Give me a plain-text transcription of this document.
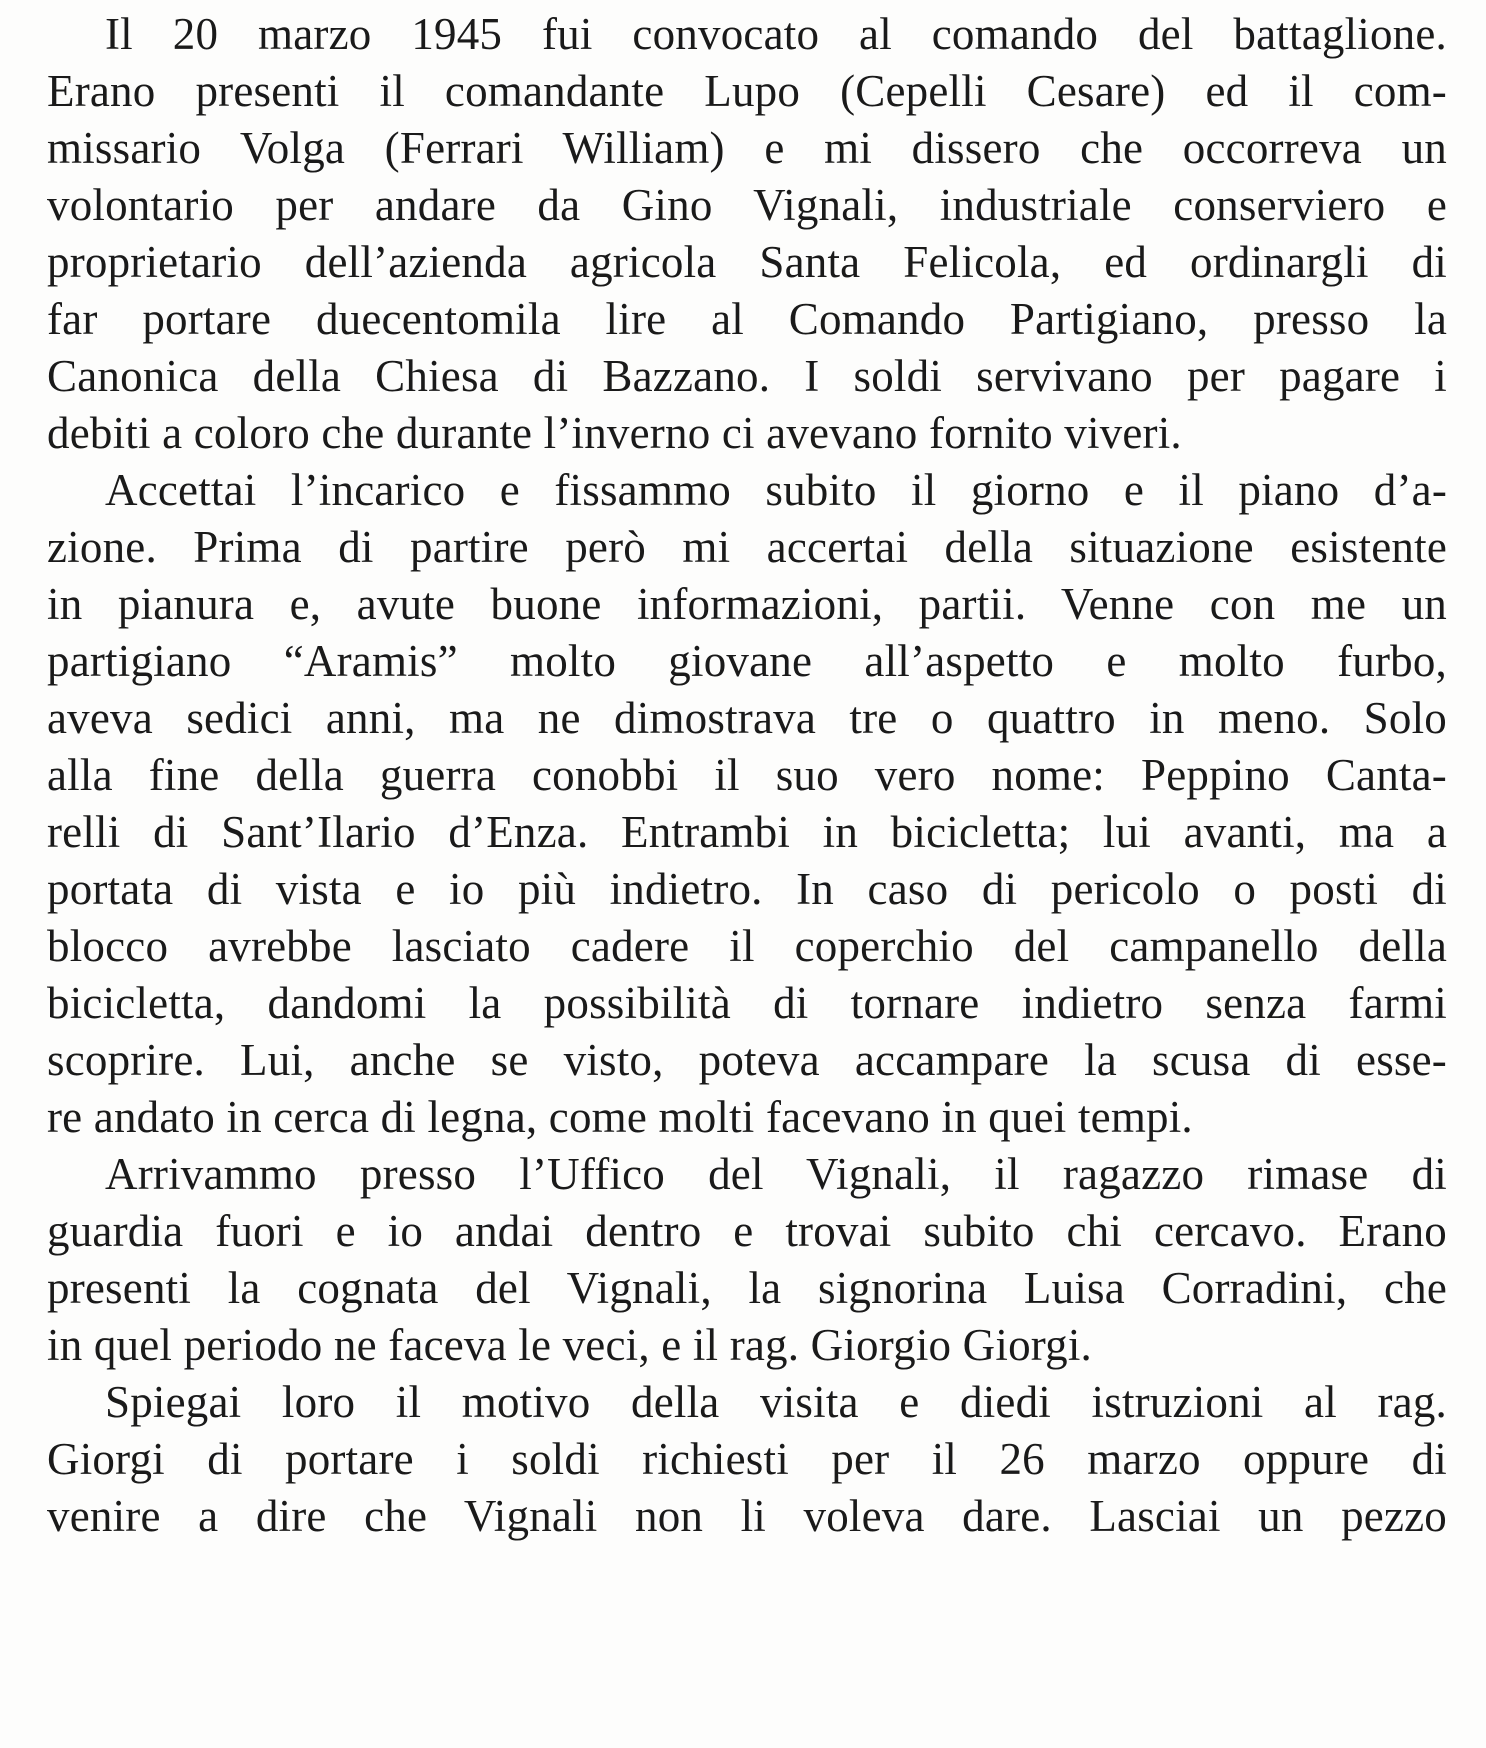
Il 20 marzo 1945 fui convocato al comando del battaglione.
Erano presenti il comandante Lupo (Cepelli Cesare) ed il com-
missario Volga (Ferrari William) e mi dissero che occorreva un
volontario per andare da Gino Vignali, industriale conserviero e
proprietario dell’azienda agricola Santa Felicola, ed ordinargli di
far portare duecentomila lire al Comando Partigiano, presso la
Canonica della Chiesa di Bazzano. I soldi servivano per pagare i
debiti a coloro che durante l’inverno ci avevano fornito viveri.
Accettai l’incarico e fissammo subito il giorno e il piano d’a-
zione. Prima di partire però mi accertai della situazione esistente
in pianura e, avute buone informazioni, partii. Venne con me un
partigiano “Aramis” molto giovane all’aspetto e molto furbo,
aveva sedici anni, ma ne dimostrava tre o quattro in meno. Solo
alla fine della guerra conobbi il suo vero nome: Peppino Canta-
relli di Sant’Ilario d’Enza. Entrambi in bicicletta; lui avanti, ma a
portata di vista e io più indietro. In caso di pericolo o posti di
blocco avrebbe lasciato cadere il coperchio del campanello della
bicicletta, dandomi la possibilità di tornare indietro senza farmi
scoprire. Lui, anche se visto, poteva accampare la scusa di esse-
re andato in cerca di legna, come molti facevano in quei tempi.
Arrivammo presso l’Uffico del Vignali, il ragazzo rimase di
guardia fuori e io andai dentro e trovai subito chi cercavo. Erano
presenti la cognata del Vignali, la signorina Luisa Corradini, che
in quel periodo ne faceva le veci, e il rag. Giorgio Giorgi.
Spiegai loro il motivo della visita e diedi istruzioni al rag.
Giorgi di portare i soldi richiesti per il 26 marzo oppure di
venire a dire che Vignali non li voleva dare. Lasciai un pezzo
